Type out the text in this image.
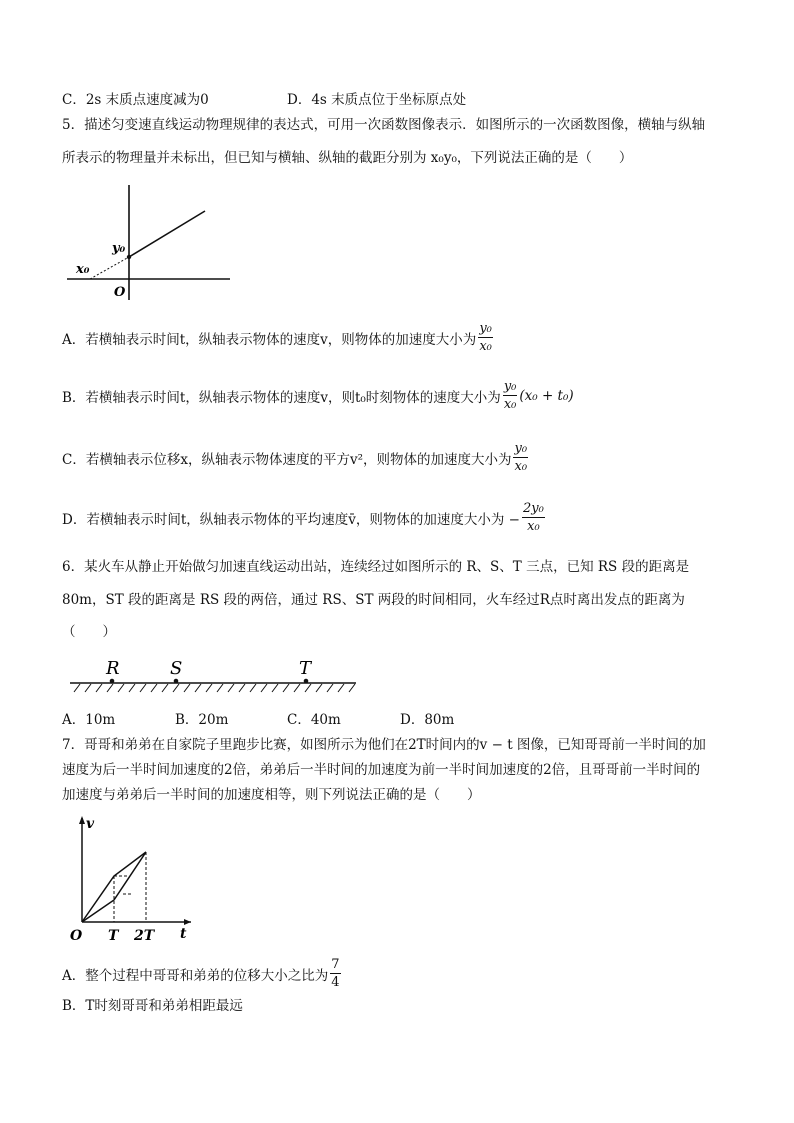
C．2s 末质点速度减为0	D．4s 末质点位于坐标原点处
5．描述匀变速直线运动物理规律的表达式，可用一次函数图像表示．如图所示的一次函数图像，横轴与纵轴
所表示的物理量并未标出，但已知与横轴、纵轴的截距分别为 x₀y₀，下列说法正确的是（　　）
y₀
x₀
O
A．若横轴表示时间t，纵轴表示物体的速度v，则物体的加速度大小为 $\frac{\text{y₀}}{\text{x₀}}$
B．若横轴表示时间t，纵轴表示物体的速度v，则t₀时刻物体的速度大小为 $\frac{\text{y₀}}{\text{x₀}} (x_0 + t_0)$
C．若横轴表示位移x，纵轴表示物体速度的平方v²，则物体的加速度大小为 $\frac{\text{y₀}}{\text{x₀}}$
D．若横轴表示时间t，纵轴表示物体的平均速度v̄，则物体的加速度大小为 − $\frac{\text{2y₀}}{\text{x₀}}$
6．某火车从静止开始做匀加速直线运动出站，连续经过如图所示的 R、S、T 三点，已知 RS 段的距离是
80m，ST 段的距离是 RS 段的两倍，通过 RS、ST 两段的时间相同，火车经过R点时离出发点的距离为
（　　）
R	S	T
A．10m	B．20m	C．40m	D．80m
7．哥哥和弟弟在自家院子里跑步比赛，如图所示为他们在2T时间内的v − t 图像，已知哥哥前一半时间的加
速度为后一半时间加速度的2倍，弟弟后一半时间的加速度为前一半时间加速度的2倍，且哥哥前一半时间的
加速度与弟弟后一半时间的加速度相等，则下列说法正确的是（　　）
v
t
O T 2T
A．整个过程中哥哥和弟弟的位移大小之比为 $\frac{7}{4}$
B．T时刻哥哥和弟弟相距最远
